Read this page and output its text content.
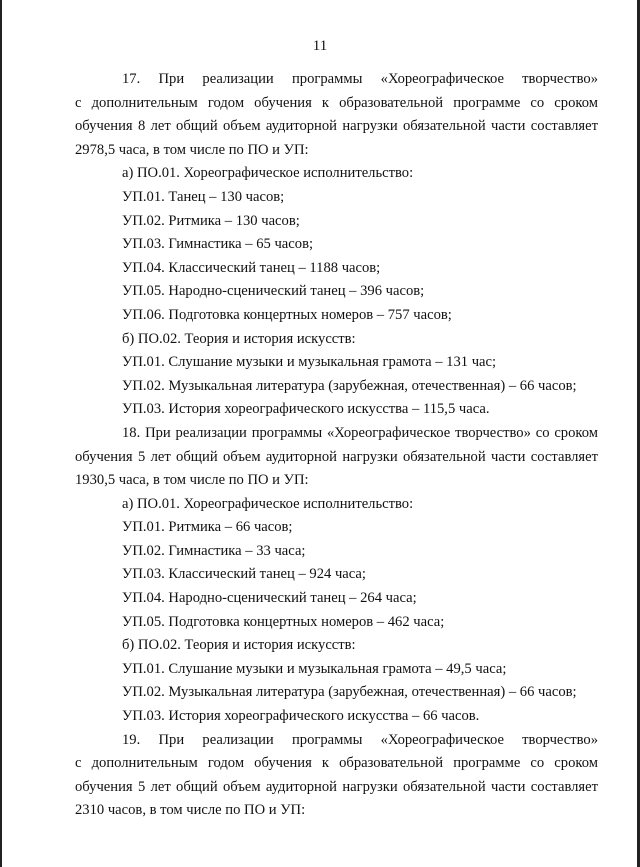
11
17. При реализации программы «Хореографическое творчество»
с дополнительным годом обучения к образовательной программе со сроком
обучения 8 лет общий объем аудиторной нагрузки обязательной части составляет
2978,5 часа, в том числе по ПО и УП:
а) ПО.01. Хореографическое исполнительство:
УП.01. Танец – 130 часов;
УП.02. Ритмика – 130 часов;
УП.03. Гимнастика – 65 часов;
УП.04. Классический танец – 1188 часов;
УП.05. Народно-сценический танец – 396 часов;
УП.06. Подготовка концертных номеров – 757 часов;
б) ПО.02. Теория и история искусств:
УП.01. Слушание музыки и музыкальная грамота – 131 час;
УП.02. Музыкальная литература (зарубежная, отечественная) – 66 часов;
УП.03. История хореографического искусства – 115,5 часа.
18. При реализации программы «Хореографическое творчество» со сроком
обучения 5 лет общий объем аудиторной нагрузки обязательной части составляет
1930,5 часа, в том числе по ПО и УП:
а) ПО.01. Хореографическое исполнительство:
УП.01. Ритмика – 66 часов;
УП.02. Гимнастика – 33 часа;
УП.03. Классический танец – 924 часа;
УП.04. Народно-сценический танец – 264 часа;
УП.05. Подготовка концертных номеров – 462 часа;
б) ПО.02. Теория и история искусств:
УП.01. Слушание музыки и музыкальная грамота – 49,5 часа;
УП.02. Музыкальная литература (зарубежная, отечественная) – 66 часов;
УП.03. История хореографического искусства – 66 часов.
19. При реализации программы «Хореографическое творчество»
с дополнительным годом обучения к образовательной программе со сроком
обучения 5 лет общий объем аудиторной нагрузки обязательной части составляет
2310 часов, в том числе по ПО и УП:
